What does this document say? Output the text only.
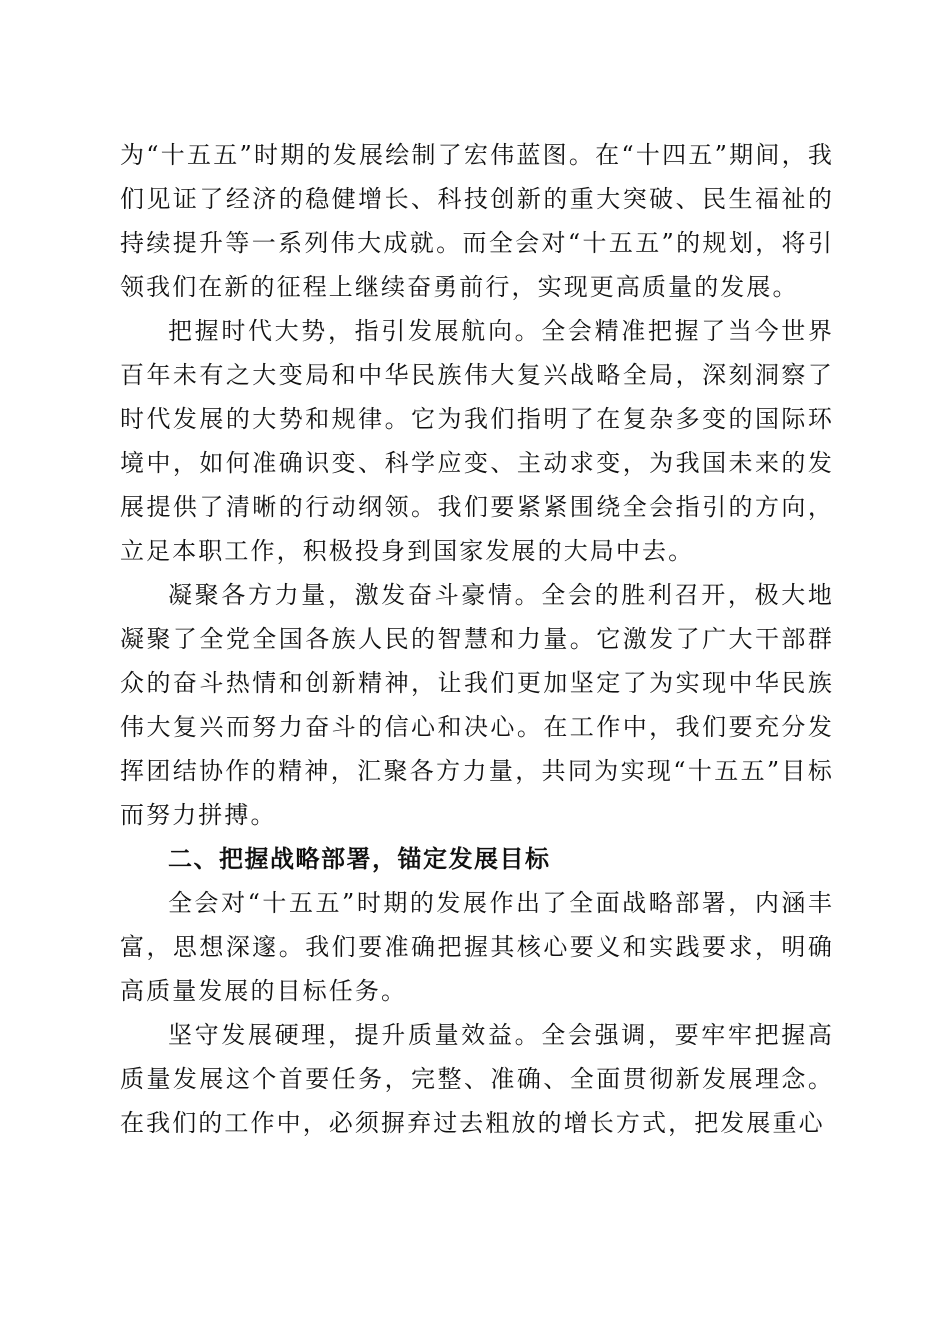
为“十五五”时期的发展绘制了宏伟蓝图。在“十四五”期间，我们见证了经济的稳健增长、科技创新的重大突破、民生福祉的持续提升等一系列伟大成就。而全会对“十五五”的规划，将引领我们在新的征程上继续奋勇前行，实现更高质量的发展。

把握时代大势，指引发展航向。全会精准把握了当今世界百年未有之大变局和中华民族伟大复兴战略全局，深刻洞察了时代发展的大势和规律。它为我们指明了在复杂多变的国际环境中，如何准确识变、科学应变、主动求变，为我国未来的发展提供了清晰的行动纲领。我们要紧紧围绕全会指引的方向，立足本职工作，积极投身到国家发展的大局中去。

凝聚各方力量，激发奋斗豪情。全会的胜利召开，极大地凝聚了全党全国各族人民的智慧和力量。它激发了广大干部群众的奋斗热情和创新精神，让我们更加坚定了为实现中华民族伟大复兴而努力奋斗的信心和决心。在工作中，我们要充分发挥团结协作的精神，汇聚各方力量，共同为实现“十五五”目标而努力拼搏。

二、把握战略部署，锚定发展目标

全会对“十五五”时期的发展作出了全面战略部署，内涵丰富，思想深邃。我们要准确把握其核心要义和实践要求，明确高质量发展的目标任务。

坚守发展硬理，提升质量效益。全会强调，要牢牢把握高质量发展这个首要任务，完整、准确、全面贯彻新发展理念。在我们的工作中，必须摒弃过去粗放的增长方式，把发展重心
